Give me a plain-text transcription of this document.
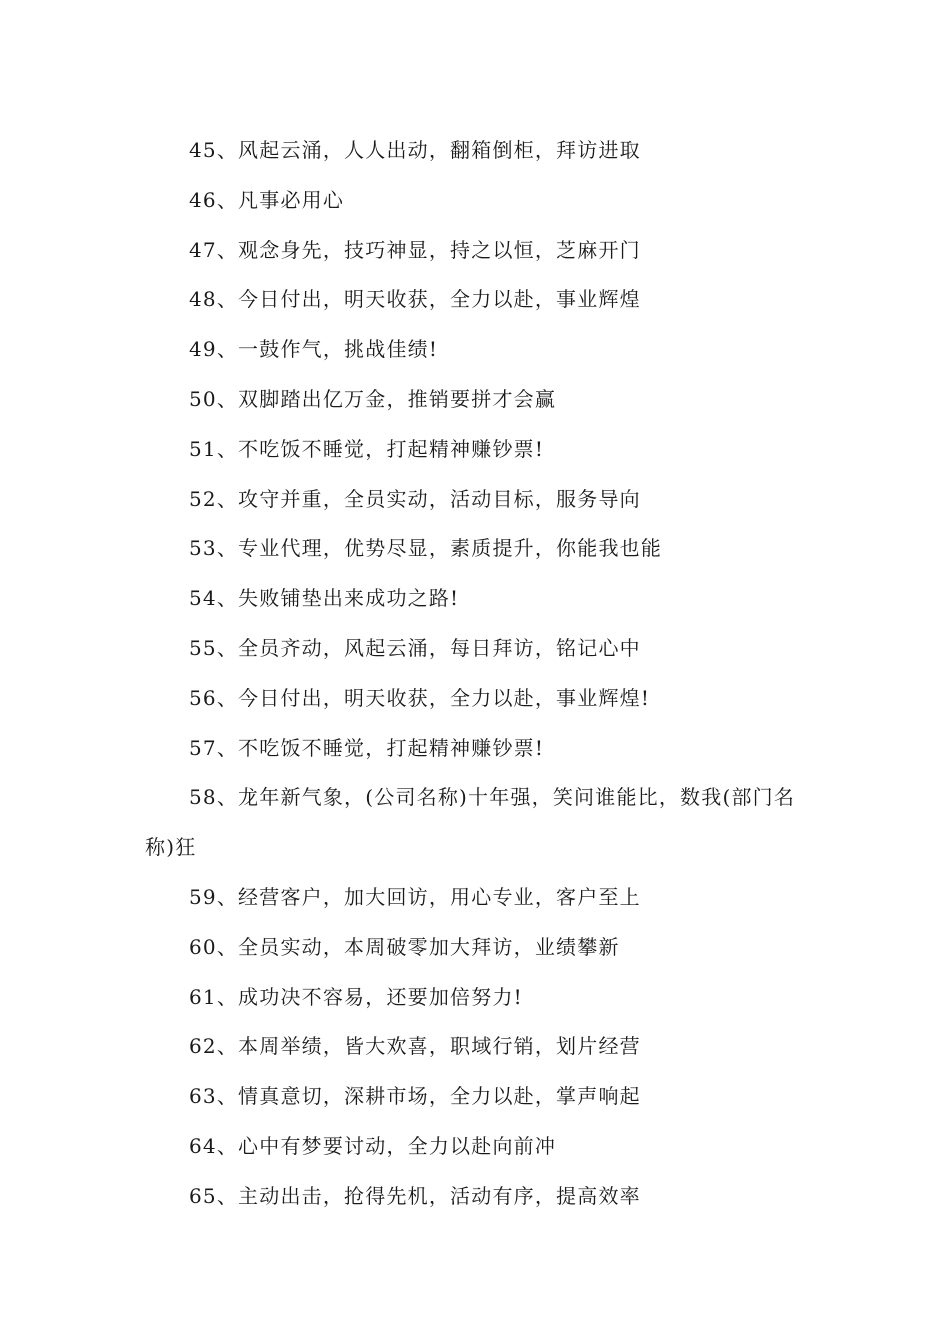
45、风起云涌，人人出动，翻箱倒柜，拜访进取

46、凡事必用心

47、观念身先，技巧神显，持之以恒，芝麻开门

48、今日付出，明天收获，全力以赴，事业辉煌

49、一鼓作气，挑战佳绩!

50、双脚踏出亿万金，推销要拼才会赢

51、不吃饭不睡觉，打起精神赚钞票!

52、攻守并重，全员实动，活动目标，服务导向

53、专业代理，优势尽显，素质提升，你能我也能

54、失败铺垫出来成功之路!

55、全员齐动，风起云涌，每日拜访，铭记心中

56、今日付出，明天收获，全力以赴，事业辉煌!

57、不吃饭不睡觉，打起精神赚钞票!

58、龙年新气象，(公司名称)十年强，笑问谁能比，数我(部门名称)狂

59、经营客户，加大回访，用心专业，客户至上

60、全员实动，本周破零加大拜访，业绩攀新

61、成功决不容易，还要加倍努力!

62、本周举绩，皆大欢喜，职域行销，划片经营

63、情真意切，深耕市场，全力以赴，掌声响起

64、心中有梦要讨动，全力以赴向前冲

65、主动出击，抢得先机，活动有序，提高效率
